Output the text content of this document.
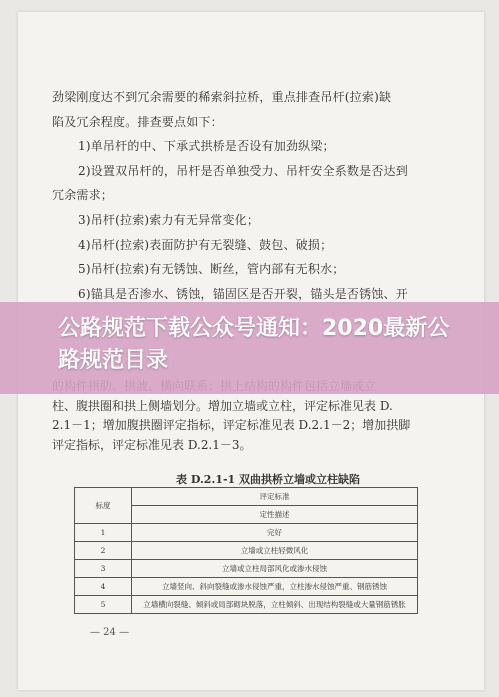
劲梁刚度达不到冗余需要的稀索斜拉桥，重点排查吊杆(拉索)缺
陷及冗余程度。排查要点如下：
1)单吊杆的中、下承式拱桥是否设有加劲纵梁；
2)设置双吊杆的，吊杆是否单独受力、吊杆安全系数是否达到
冗余需求；
3)吊杆(拉索)索力有无异常变化；
4)吊杆(拉索)表面防护有无裂缝、鼓包、破损；
5)吊杆(拉索)有无锈蚀、断丝，管内部有无积水；
6)锚具是否渗水、锈蚀，锚固区是否开裂，锚头是否锈蚀、开
柱、腹拱圈和拱上侧墙划分。增加立墙或立柱，评定标准见表 D.
2.1－1；增加腹拱圈评定指标，评定标准见表 D.2.1－2；增加拱脚
评定指标，评定标准见表 D.2.1－3。
公路规范下载公众号通知：2020最新公路规范目录
表 D.2.1-1 双曲拱桥立墙或立柱缺陷
标度	评定标准
	定性描述
1	完好
2	立墙或立柱轻微风化
3	立墙或立柱局部风化或渗水侵蚀
4	立墙竖向、斜向裂缝或渗水侵蚀严重，立柱渗水侵蚀严重、钢筋锈蚀
5	立墙横向裂缝、倾斜或局部砌块脱落，立柱倾斜、出现结构裂缝或大量钢筋锈胀
— 24 —
